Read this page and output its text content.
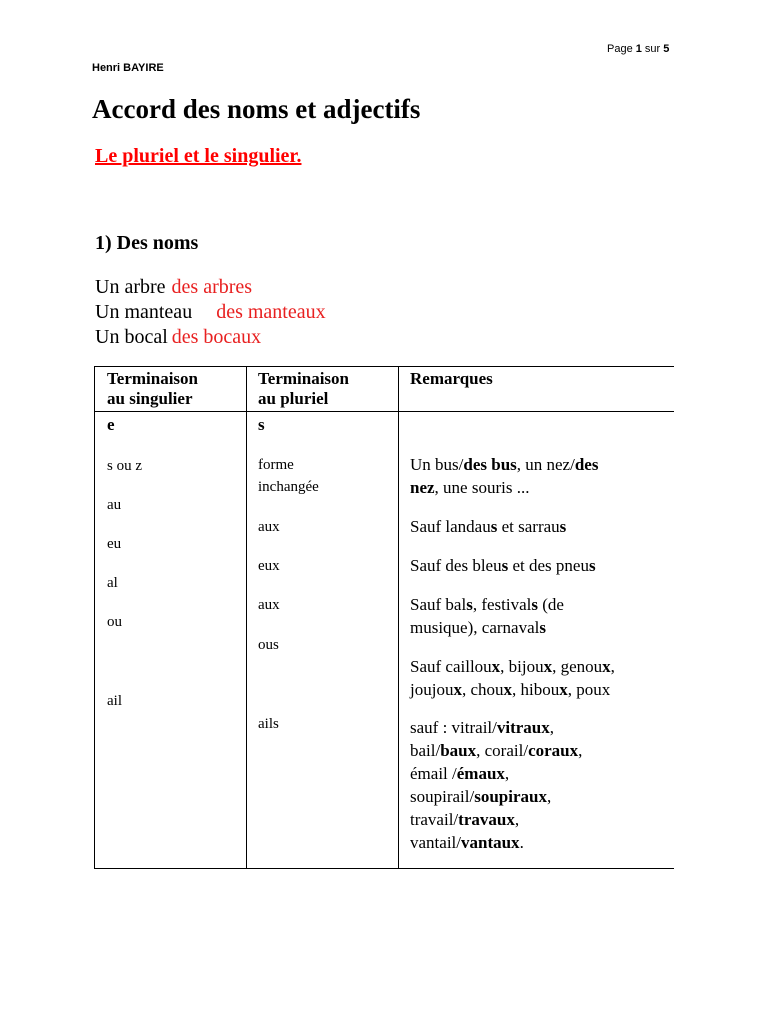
Page 1 sur 5
Henri BAYIRE
Accord des noms et adjectifs
Le pluriel et le singulier.
1) Des noms
Un arbre des arbres
Un manteau des manteaux
Un bocal des bocaux
Terminaison
au singulier
Terminaison
au pluriel
Remarques
e
s ou z
au
eu
al
ou
ail
s
forme
inchangée
aux
eux
aux
ous
ails
Un bus/des bus, un nez/des
nez, une souris ...
Sauf landaus et sarraus
Sauf des bleus et des pneus
Sauf bals, festivals (de
musique), carnavals
Sauf cailloux, bijoux, genoux,
joujoux, choux, hiboux, poux
sauf : vitrail/vitraux,
bail/baux, corail/coraux,
émail /émaux,
soupirail/soupiraux,
travail/travaux,
vantail/vantaux.
